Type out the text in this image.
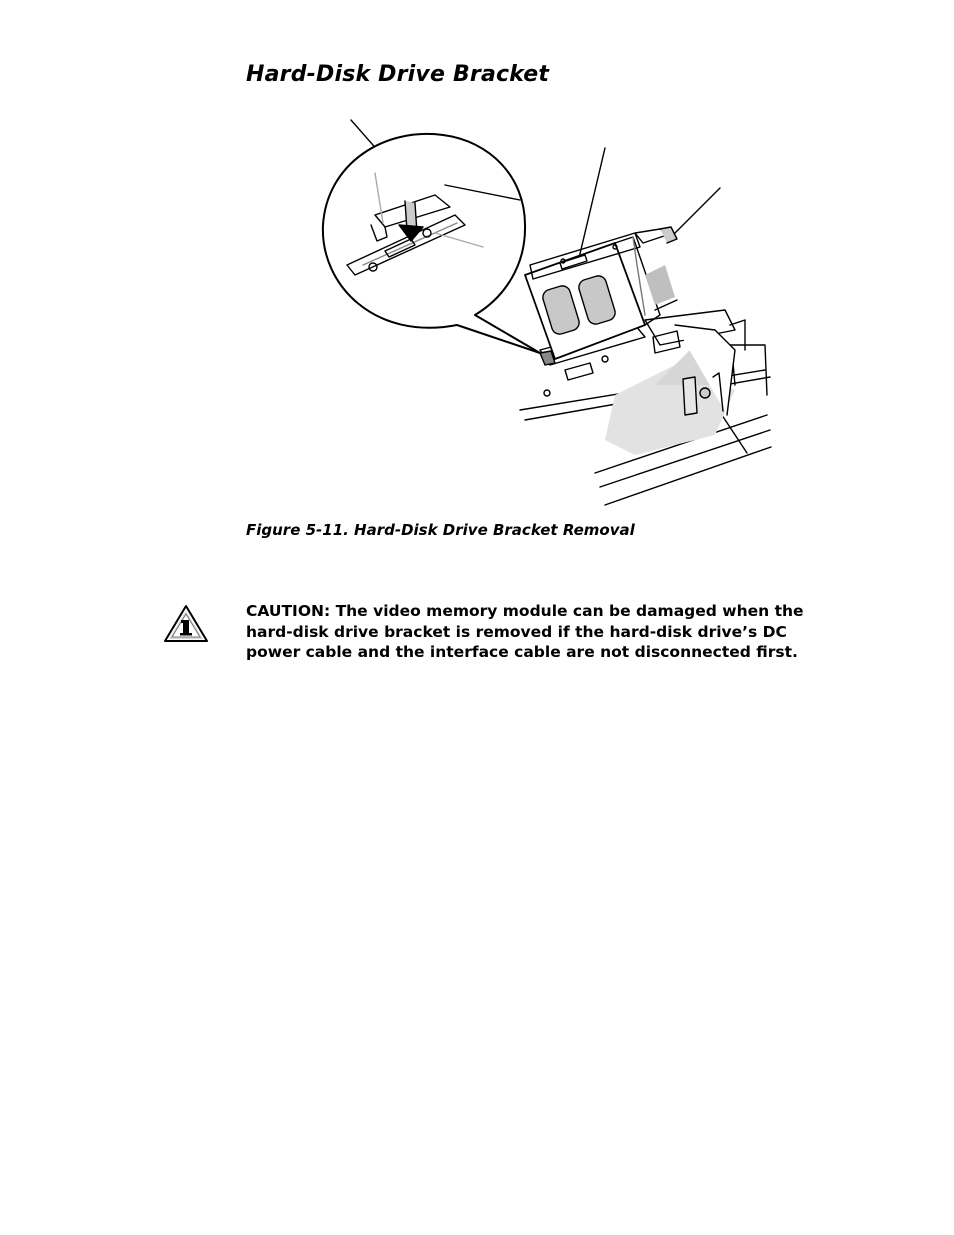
Hard-Disk Drive Bracket

Figure 5-11. Hard-Disk Drive Bracket Removal

CAUTION: The video memory module can be damaged when the hard-disk drive bracket is removed if the hard-disk drive’s DC power cable and the interface cable are not disconnected first.
